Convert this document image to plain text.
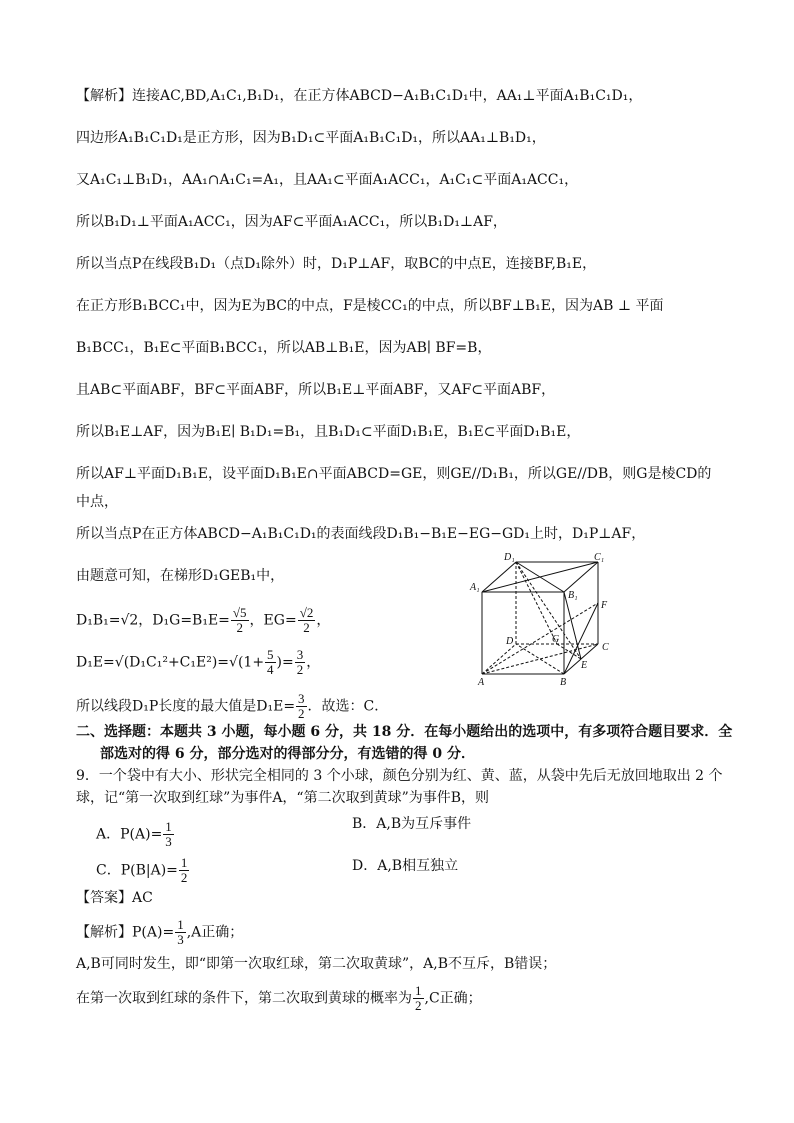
【解析】连接AC,BD,A₁C₁,B₁D₁，在正方体ABCD−A₁B₁C₁D₁中，AA₁⊥平面A₁B₁C₁D₁，
四边形A₁B₁C₁D₁是正方形，因为B₁D₁⊂平面A₁B₁C₁D₁，所以AA₁⊥B₁D₁，
又A₁C₁⊥B₁D₁，AA₁∩A₁C₁=A₁，且AA₁⊂平面A₁ACC₁，A₁C₁⊂平面A₁ACC₁，
所以B₁D₁⊥平面A₁ACC₁，因为AF⊂平面A₁ACC₁，所以B₁D₁⊥AF，
所以当点P在线段B₁D₁（点D₁除外）时，D₁P⊥AF，取BC的中点E，连接BF,B₁E，
在正方形B₁BCC₁中，因为E为BC的中点，F是棱CC₁的中点，所以BF⊥B₁E，因为AB ⊥ 平面
B₁BCC₁，B₁E⊂平面B₁BCC₁，所以AB⊥B₁E，因为AB∣ BF=B，
且AB⊂平面ABF，BF⊂平面ABF，所以B₁E⊥平面ABF，又AF⊂平面ABF，
所以B₁E⊥AF，因为B₁E∣ B₁D₁=B₁，且B₁D₁⊂平面D₁B₁E，B₁E⊂平面D₁B₁E，
所以AF⊥平面D₁B₁E，设平面D₁B₁E∩平面ABCD=GE，则GE//D₁B₁，所以GE//DB，则G是棱CD的
中点，
所以当点P在正方体ABCD−A₁B₁C₁D₁的表面线段D₁B₁−B₁E−EG−GD₁上时，D₁P⊥AF，
由题意可知，在梯形D₁GEB₁中，
D₁B₁=√2，$D_1G=B_1E= \frac{√5}{2}$ ，$EG= \frac{√2}{2}$ ，
$D_1E=√(D_1C_1^2+C_1E^2)=√(1+ \frac{5}{4}$ )= $\frac{3}{2}$ ，
所以线段D₁P长度的最大值是$D_1E= \frac{3}{2}$ ．故选：C．
D₁	C₁
A₁
B₁
F
D	G
C
E
A	B
二、选择题：本题共 3 小题，每小题 6 分，共 18 分．在每小题给出的选项中，有多项符合题目要求．全
部选对的得 6 分，部分选对的得部分分，有选错的得 0 分．
9．一个袋中有大小、形状完全相同的 3 个小球，颜色分别为红、黄、蓝，从袋中先后无放回地取出 2 个
球，记“第一次取到红球”为事件A，“第二次取到黄球”为事件B，则
A．$P(A)= \frac{1}{3}$	B．A,B为互斥事件
C．$P(B|A)= \frac{1}{2}$	D．A,B相互独立
【答案】AC
【解析】$P(A)= \frac{1}{3} ,A$正确；
A,B可同时发生，即“即第一次取红球，第二次取黄球”，A,B不互斥，B错误；
在第一次取到红球的条件下，第二次取到黄球的概率为 $\frac{1}{2} ,C$正确；
